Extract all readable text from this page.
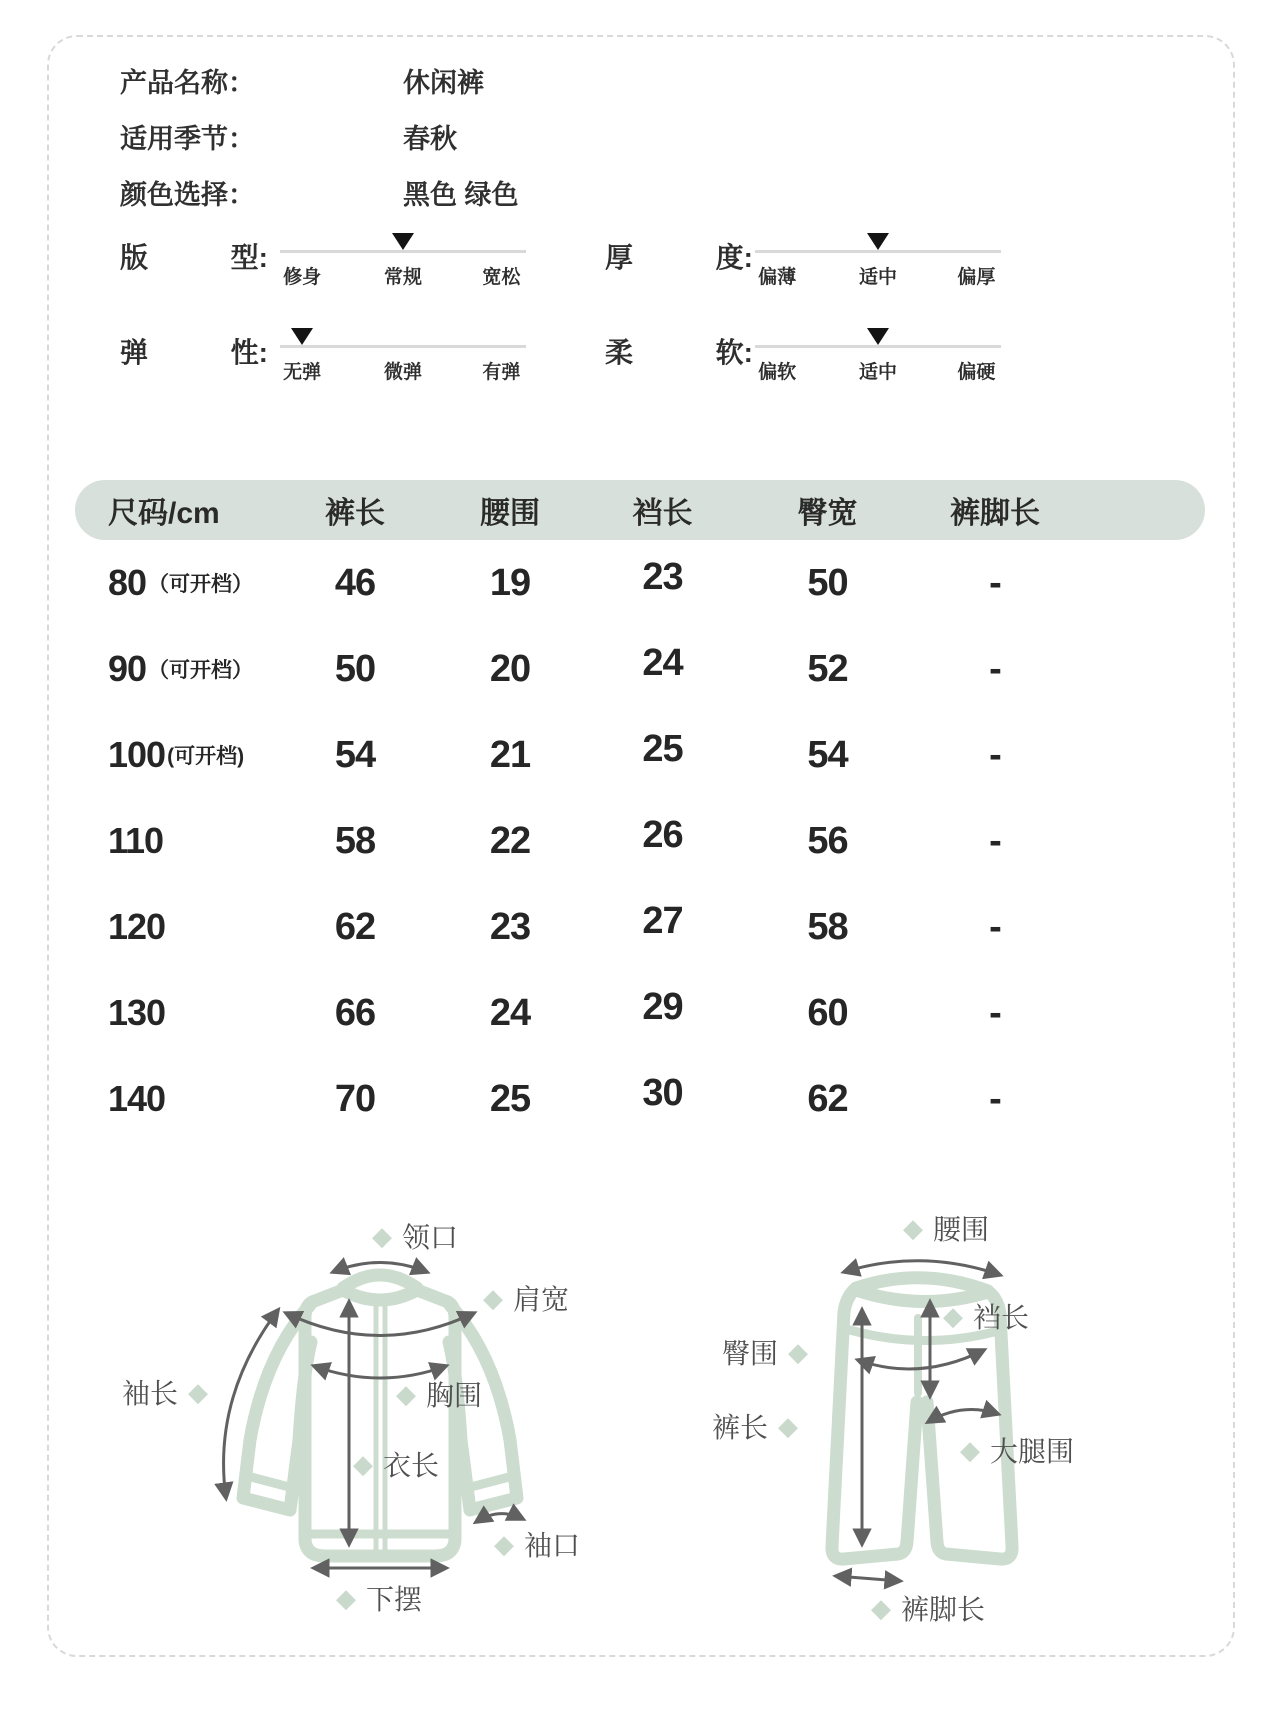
产品名称：	休闲裤
适用季节：	春秋
颜色选择：	黑色 绿色
版	型:
修身	常规	宽松
厚	度:
偏薄	适中	偏厚
弹	性:
无弹	微弹	有弹
柔	软:
偏软	适中	偏硬
尺码/cm	裤长	腰围	裆长	臀宽	裤脚长
80 （可开档）	46	19	23	50	-
90 （可开档）	50	20	24	52	-
100 (可开档)	54	21	25	54	-
110	58	22	26	56	-
120	62	23	27	58	-
130	66	24	29	60	-
140	70	25	30	62	-
◆
领口
◆
肩宽
◆
袖长 ◆	胸围
◆
衣长
◆
袖口
◆
下摆
◆
腰围
◆
裆长
◆
臀围
◆
裤长
◆
大腿围
◆
裤脚长
